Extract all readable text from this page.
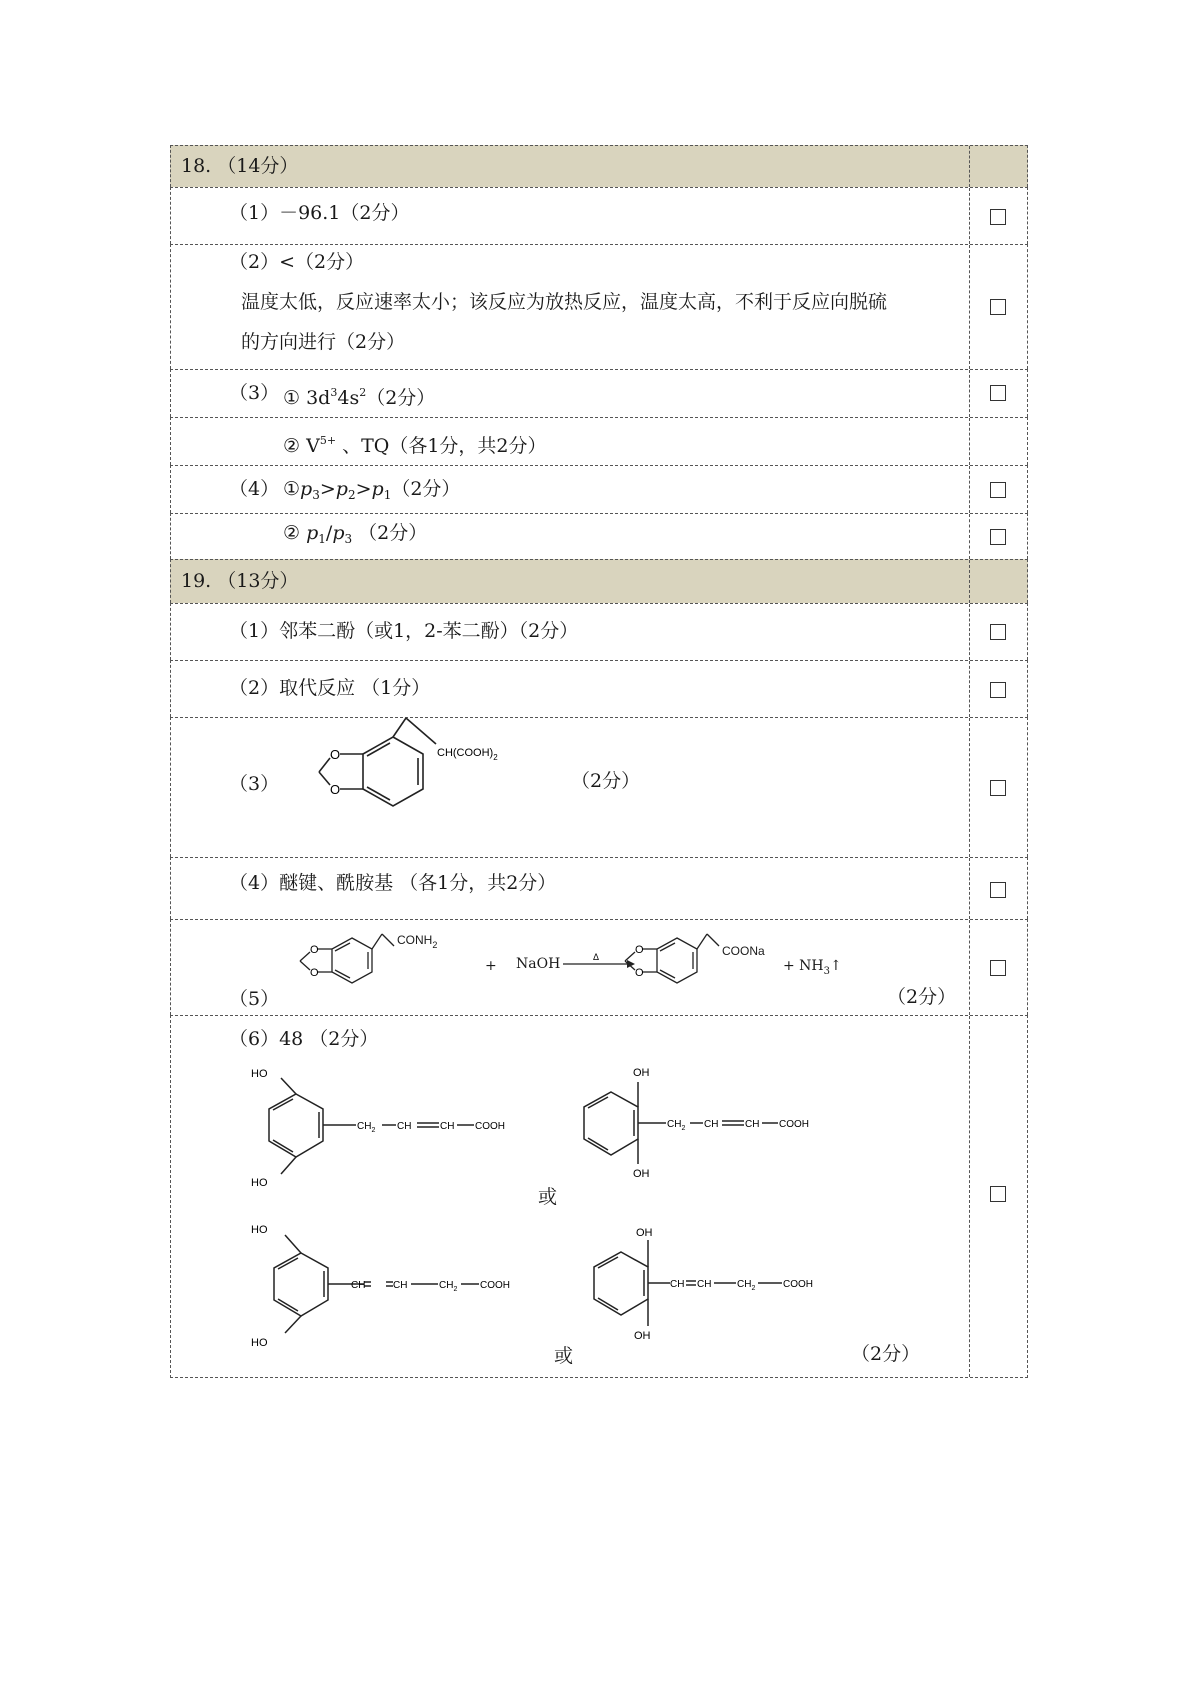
18. （14分）
（1）－96.1（2分）
（2）<（2分）
温度太低，反应速率太小；该反应为放热反应，温度太高，不利于反应向脱硫
的方向进行（2分）
（3） ① $3d^34s^2(2$分）
② $V^{5+}$ 、TQ（各1分，共2分）
（4） $①p_3>p_2>p_1(2$分）
② $p_1/p_3$ （2分）
19. （13分）
（1）邻苯二酚（或1，2-苯二酚）（2分）
（2）取代反应 （1分）
（3）
O
O
$CH(COOH)_2$
（2分）
（4）醚键、酰胺基 （各1分，共2分）
O
O
$CONH_2$
+ NaOH	Δ
O
O
COONa
+ $NH_3↑$
（5）	（2分）
（6）48 （2分）
HO
HO
$CH_2$ CH	CH COOH
OH
OH
$CH_2$ CH	CH COOH
或
HO
HO
CH	CH	$CH_2$ COOH
OH
OH
CH CH	$CH_2$	COOH
或	（2分）
